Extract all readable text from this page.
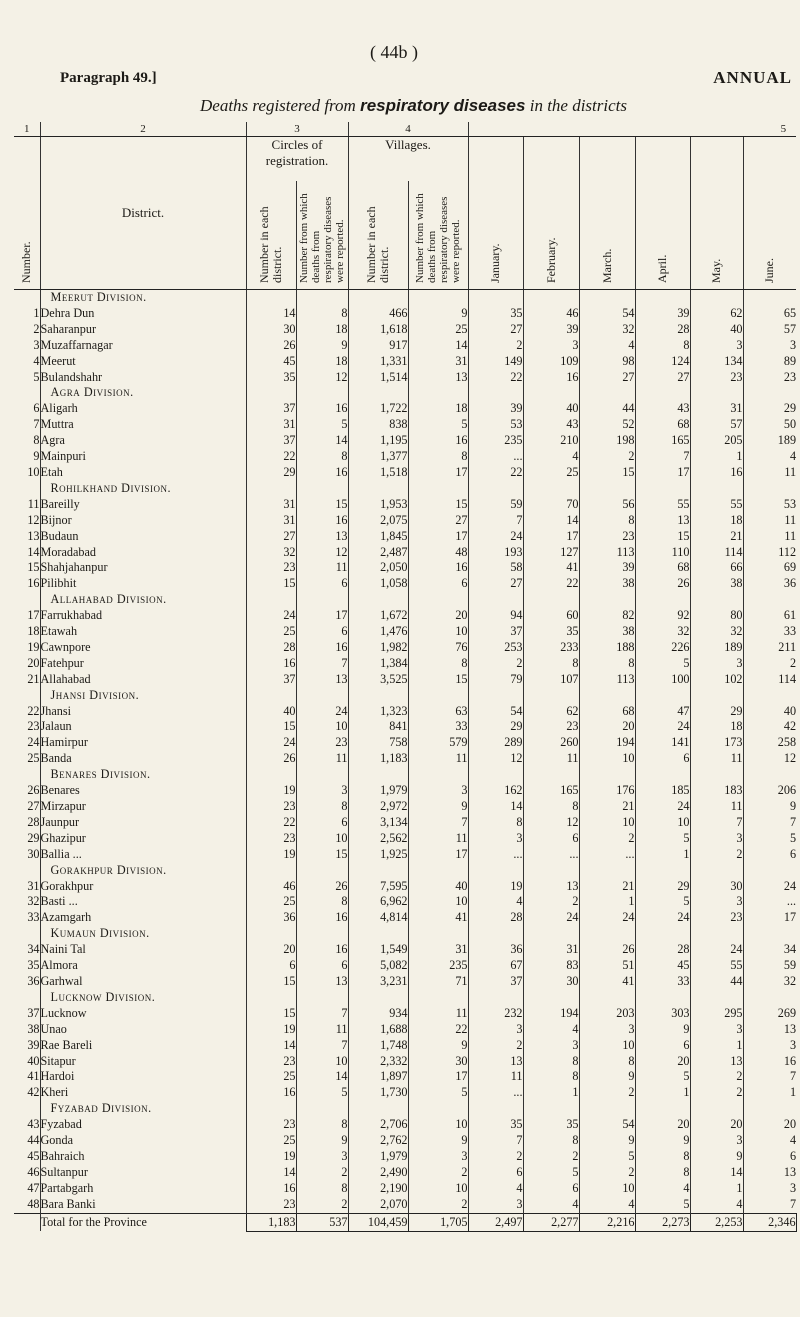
Paragraph 49.]
( 44b )
ANNUAL
Deaths registered from respiratory diseases in the districts
1	2	3		4		5					

Number.	District.	Circles of registration.		Villages.		January.	February.	March.	April.	May.	June.

		Number in each district.	Number from which deaths from respiratory diseases were reported.	Number in each district.	Number from which deaths from respiratory diseases were reported.						

	Meerut Division.										
1	Dehra Dun	14	8	466	9	35	46	54	39	62	65
2	Saharanpur	30	18	1,618	25	27	39	32	28	40	57
3	Muzaffarnagar	26	9	917	14	2	3	4	8	3	3
4	Meerut	45	18	1,331	31	149	109	98	124	134	89
5	Bulandshahr	35	12	1,514	13	22	16	27	27	23	23
	Agra Division.										
6	Aligarh	37	16	1,722	18	39	40	44	43	31	29
7	Muttra	31	5	838	5	53	43	52	68	57	50
8	Agra	37	14	1,195	16	235	210	198	165	205	189
9	Mainpuri	22	8	1,377	8	...	4	2	7	1	4
10	Etah	29	16	1,518	17	22	25	15	17	16	11
	Rohilkhand Division.										
11	Bareilly	31	15	1,953	15	59	70	56	55	55	53
12	Bijnor	31	16	2,075	27	7	14	8	13	18	11
13	Budaun	27	13	1,845	17	24	17	23	15	21	11
14	Moradabad	32	12	2,487	48	193	127	113	110	114	112
15	Shahjahanpur	23	11	2,050	16	58	41	39	68	66	69
16	Pilibhit	15	6	1,058	6	27	22	38	26	38	36
	Allahabad Division.										
17	Farrukhabad	24	17	1,672	20	94	60	82	92	80	61
18	Etawah	25	6	1,476	10	37	35	38	32	32	33
19	Cawnpore	28	16	1,982	76	253	233	188	226	189	211
20	Fatehpur	16	7	1,384	8	2	8	8	5	3	2
21	Allahabad	37	13	3,525	15	79	107	113	100	102	114
	Jhansi Division.										
22	Jhansi	40	24	1,323	63	54	62	68	47	29	40
23	Jalaun	15	10	841	33	29	23	20	24	18	42
24	Hamirpur	24	23	758	579	289	260	194	141	173	258
25	Banda	26	11	1,183	11	12	11	10	6	11	12
	Benares Division.										
26	Benares	19	3	1,979	3	162	165	176	185	183	206
27	Mirzapur	23	8	2,972	9	14	8	21	24	11	9
28	Jaunpur	22	6	3,134	7	8	12	10	10	7	7
29	Ghazipur	23	10	2,562	11	3	6	2	5	3	5
30	Ballia ...	19	15	1,925	17	...	...	...	1	2	6
	Gorakhpur Division.										
31	Gorakhpur	46	26	7,595	40	19	13	21	29	30	24
32	Basti ...	25	8	6,962	10	4	2	1	5	3	...
33	Azamgarh	36	16	4,814	41	28	24	24	24	23	17
	Kumaun Division.										
34	Naini Tal	20	16	1,549	31	36	31	26	28	24	34
35	Almora	6	6	5,082	235	67	83	51	45	55	59
36	Garhwal	15	13	3,231	71	37	30	41	33	44	32
	Lucknow Division.										
37	Lucknow	15	7	934	11	232	194	203	303	295	269
38	Unao	19	11	1,688	22	3	4	3	9	3	13
39	Rae Bareli	14	7	1,748	9	2	3	10	6	1	3
40	Sitapur	23	10	2,332	30	13	8	8	20	13	16
41	Hardoi	25	14	1,897	17	11	8	9	5	2	7
42	Kheri	16	5	1,730	5	...	1	2	1	2	1
	Fyzabad Division.										
43	Fyzabad	23	8	2,706	10	35	35	54	20	20	20
44	Gonda	25	9	2,762	9	7	8	9	9	3	4
45	Bahraich	19	3	1,979	3	2	2	5	8	9	6
46	Sultanpur	14	2	2,490	2	6	5	2	8	14	13
47	Partabgarh	16	8	2,190	10	4	6	10	4	1	3
48	Bara Banki	23	2	2,070	2	3	4	4	5	4	7
	Total for the Province	1,183	537	104,459	1,705	2,497	2,277	2,216	2,273	2,253	2,346
